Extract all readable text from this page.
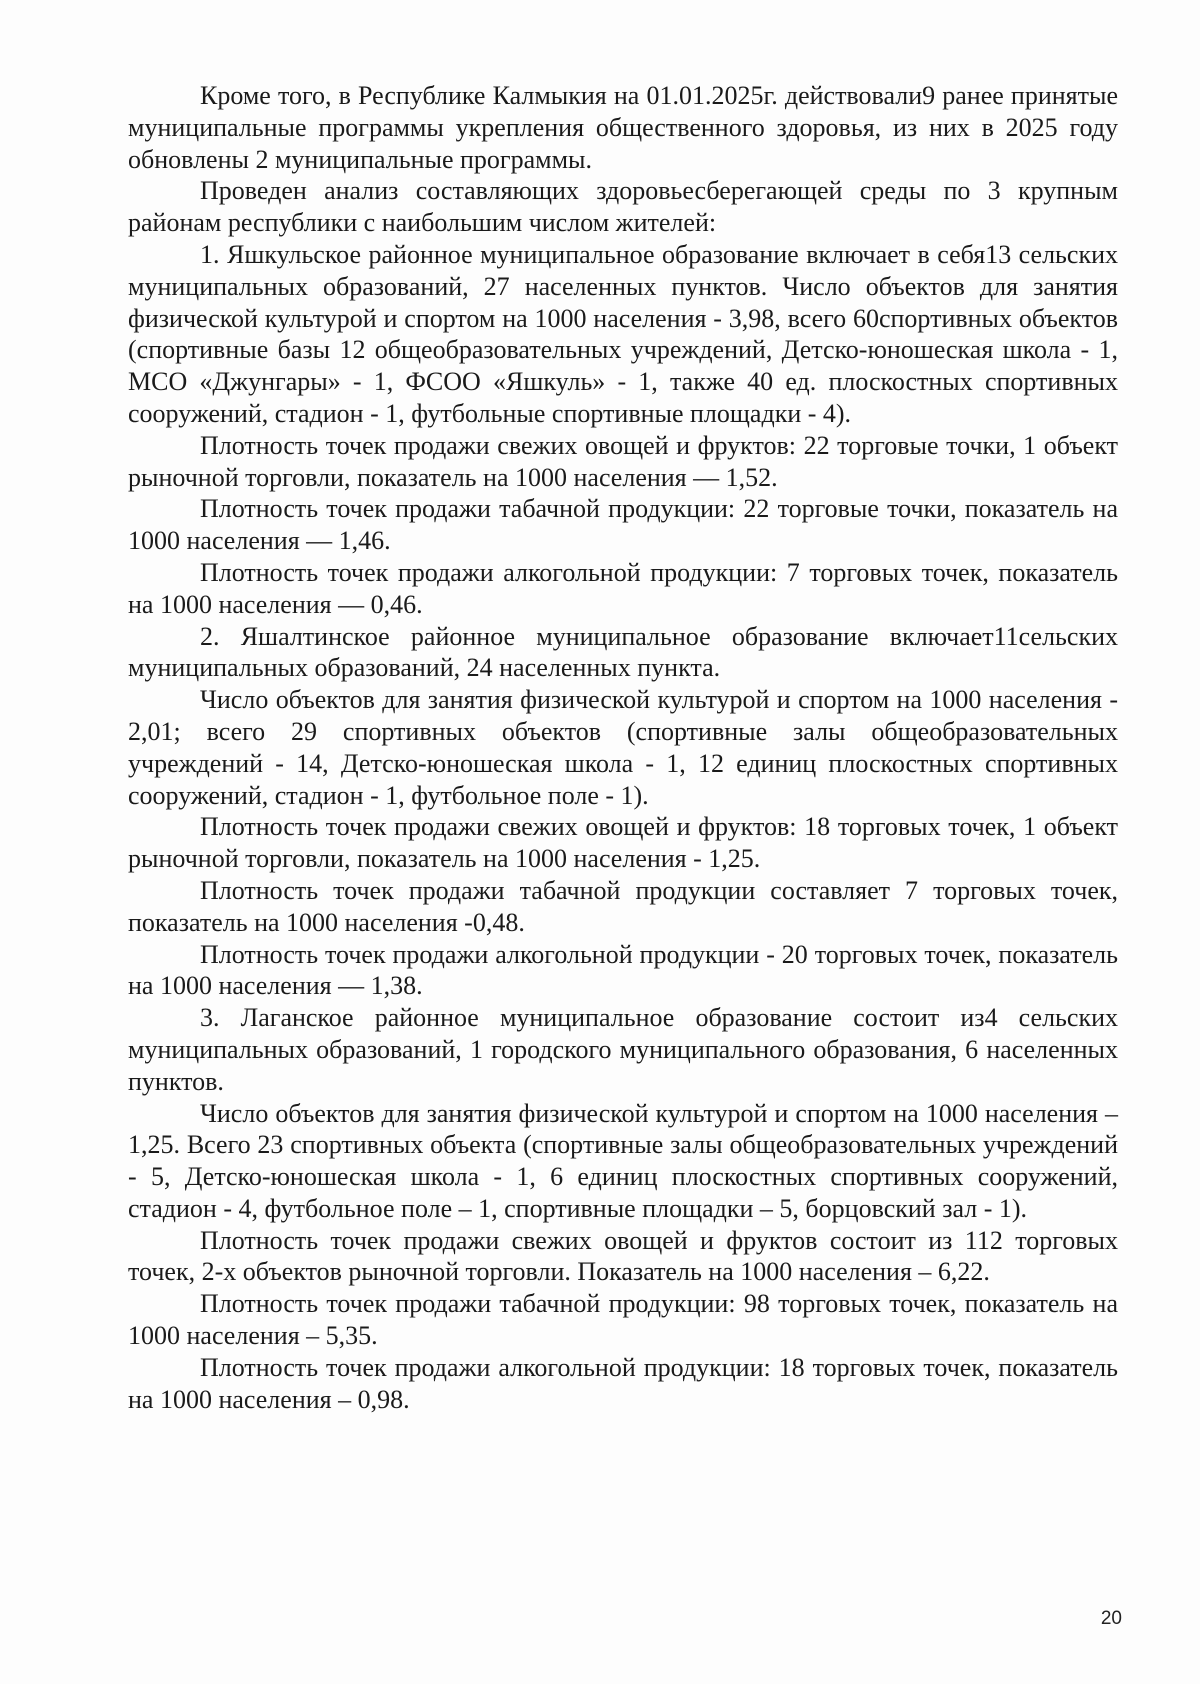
Кроме того, в Республике Калмыкия на 01.01.2025г. действовали9 ранее принятые муниципальные программы укрепления общественного здоровья, из них в 2025 году обновлены 2 муниципальные программы.

Проведен анализ составляющих здоровьесберегающей среды по 3 крупным районам республики с наибольшим числом жителей:

1. Яшкульское районное муниципальное образование включает в себя13 сельских муниципальных образований, 27 населенных пунктов. Число объектов для занятия физической культурой и спортом на 1000 населения - 3,98, всего 60спортивных объектов (спортивные базы 12 общеобразовательных учреждений, Детско-юношеская школа - 1, МСО «Джунгары» - 1, ФСОО «Яшкуль» - 1, также 40 ед. плоскостных спортивных сооружений, стадион - 1, футбольные спортивные площадки - 4).

Плотность точек продажи свежих овощей и фруктов: 22 торговые точки, 1 объект рыночной торговли, показатель на 1000 населения — 1,52.

Плотность точек продажи табачной продукции: 22 торговые точки, показатель на 1000 населения — 1,46.

Плотность точек продажи алкогольной продукции: 7 торговых точек, показатель на 1000 населения — 0,46.

2. Яшалтинское районное муниципальное образование включает11сельских муниципальных образований, 24 населенных пункта.

Число объектов для занятия физической культурой и спортом на 1000 населения - 2,01; всего 29 спортивных объектов (спортивные залы общеобразовательных учреждений - 14, Детско-юношеская школа - 1, 12 единиц плоскостных спортивных сооружений, стадион - 1, футбольное поле - 1).

Плотность точек продажи свежих овощей и фруктов: 18 торговых точек, 1 объект рыночной торговли, показатель на 1000 населения - 1,25.

Плотность точек продажи табачной продукции составляет 7 торговых точек, показатель на 1000 населения -0,48.

Плотность точек продажи алкогольной продукции - 20 торговых точек, показатель на 1000 населения — 1,38.

3. Лаганское районное муниципальное образование состоит из4 сельских муниципальных образований, 1 городского муниципального образования, 6 населенных пунктов.

Число объектов для занятия физической культурой и спортом на 1000 населения – 1,25. Всего 23 спортивных объекта (спортивные залы общеобразовательных учреждений - 5, Детско-юношеская школа - 1, 6 единиц плоскостных спортивных сооружений, стадион - 4, футбольное поле – 1, спортивные площадки – 5, борцовский зал - 1).

Плотность точек продажи свежих овощей и фруктов состоит из 112 торговых точек, 2-х объектов рыночной торговли. Показатель на 1000 населения – 6,22.

Плотность точек продажи табачной продукции: 98 торговых точек, показатель на 1000 населения – 5,35.

Плотность точек продажи алкогольной продукции: 18 торговых точек, показатель на 1000 населения – 0,98.

20
